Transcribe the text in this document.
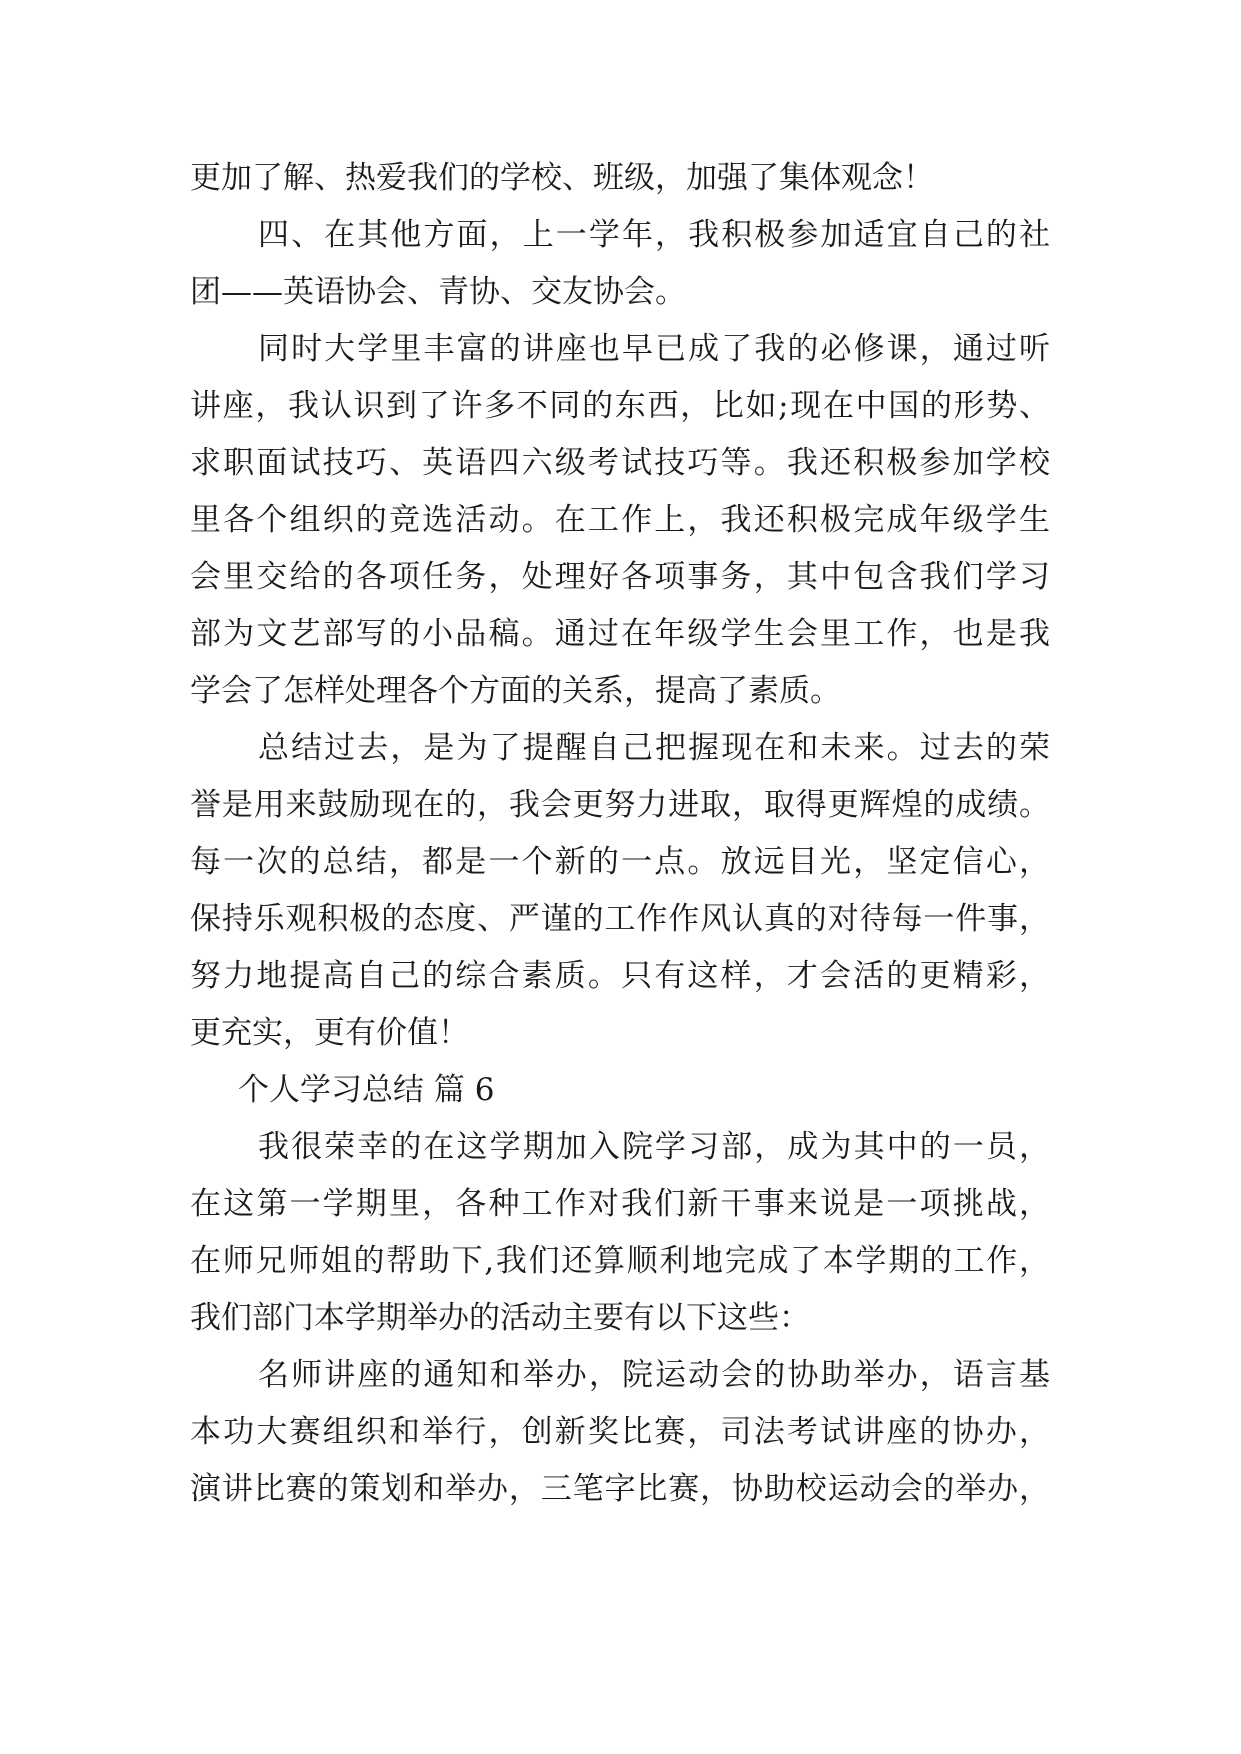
更加了解、热爱我们的学校、班级，加强了集体观念！

四、在其他方面，上一学年，我积极参加适宜自己的社

团——英语协会、青协、交友协会。

同时大学里丰富的讲座也早已成了我的必修课，通过听

讲座，我认识到了许多不同的东西，比如;现在中国的形势、

求职面试技巧、英语四六级考试技巧等。我还积极参加学校

里各个组织的竞选活动。在工作上，我还积极完成年级学生

会里交给的各项任务，处理好各项事务，其中包含我们学习

部为文艺部写的小品稿。通过在年级学生会里工作，也是我

学会了怎样处理各个方面的关系，提高了素质。

总结过去，是为了提醒自己把握现在和未来。过去的荣

誉是用来鼓励现在的，我会更努力进取，取得更辉煌的成绩。

每一次的总结，都是一个新的一点。放远目光，坚定信心，

保持乐观积极的态度、严谨的工作作风认真的对待每一件事，

努力地提高自己的综合素质。只有这样，才会活的更精彩，

更充实，更有价值！

个人学习总结 篇 6

我很荣幸的在这学期加入院学习部，成为其中的一员，

在这第一学期里，各种工作对我们新干事来说是一项挑战，

在师兄师姐的帮助下,我们还算顺利地完成了本学期的工作，

我们部门本学期举办的活动主要有以下这些：

名师讲座的通知和举办，院运动会的协助举办，语言基

本功大赛组织和举行，创新奖比赛，司法考试讲座的协办，

演讲比赛的策划和举办，三笔字比赛，协助校运动会的举办，
